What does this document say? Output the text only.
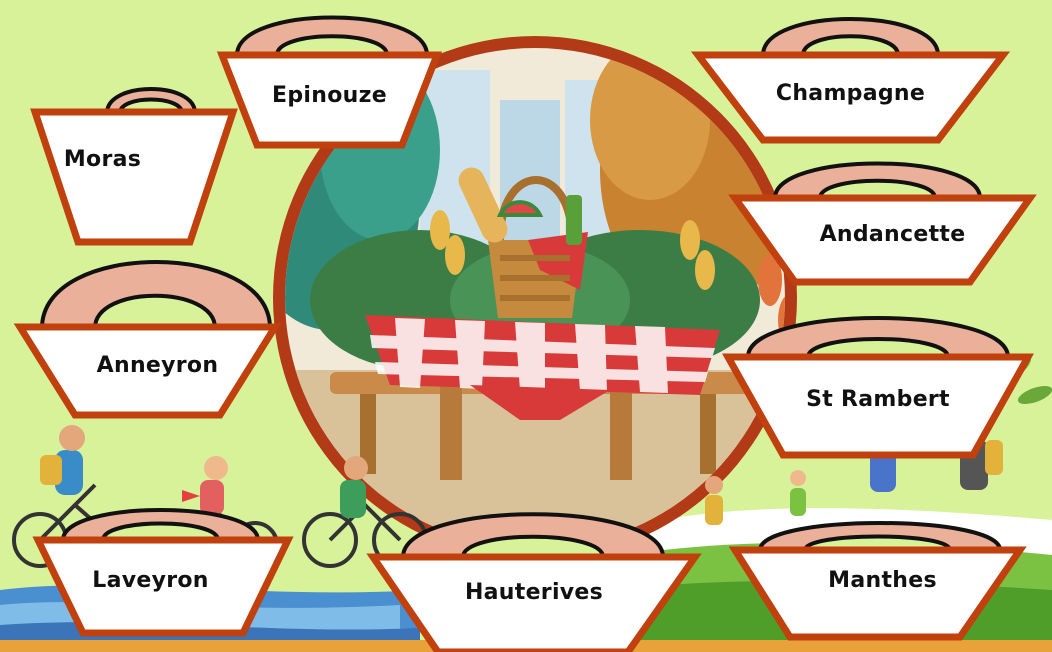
Moras
Epinouze	Champagne
Andancette
Anneyron
St Rambert
Laveyron	Hauterives	Manthes
